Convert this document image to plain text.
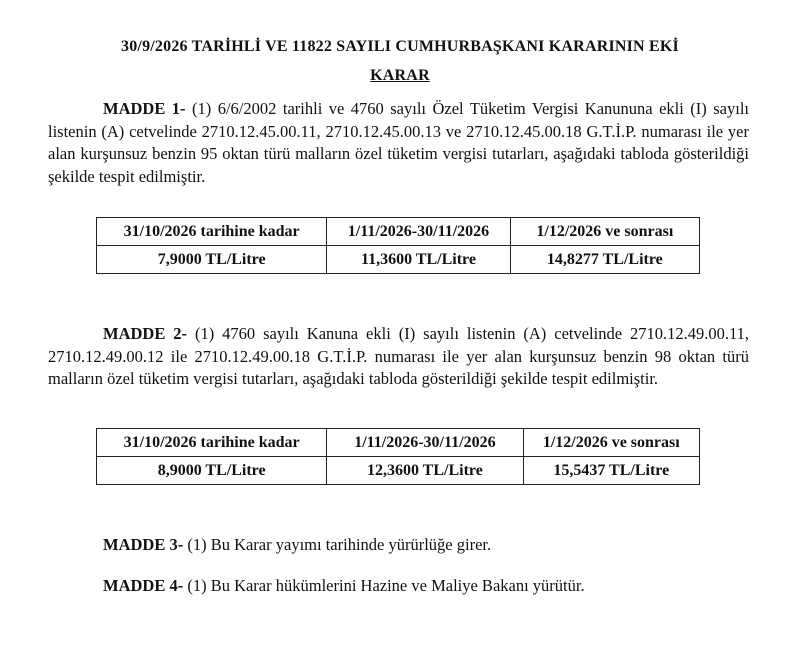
30/9/2026 TARİHLİ VE 11822 SAYILI CUMHURBAŞKANI KARARININ EKİ
KARAR

MADDE 1- (1) 6/6/2002 tarihli ve 4760 sayılı Özel Tüketim Vergisi Kanununa ekli (I) sayılı listenin (A) cetvelinde 2710.12.45.00.11, 2710.12.45.00.13 ve 2710.12.45.00.18 G.T.İ.P. numarası ile yer alan kurşunsuz benzin 95 oktan türü malların özel tüketim vergisi tutarları, aşağıdaki tabloda gösterildiği şekilde tespit edilmiştir.

31/10/2026 tarihine kadar	1/11/2026-30/11/2026	1/12/2026 ve sonrası
7,9000 TL/Litre	11,3600 TL/Litre	14,8277 TL/Litre

MADDE 2- (1) 4760 sayılı Kanuna ekli (I) sayılı listenin (A) cetvelinde 2710.12.49.00.11, 2710.12.49.00.12 ile 2710.12.49.00.18 G.T.İ.P. numarası ile yer alan kurşunsuz benzin 98 oktan türü malların özel tüketim vergisi tutarları, aşağıdaki tabloda gösterildiği şekilde tespit edilmiştir.

31/10/2026 tarihine kadar	1/11/2026-30/11/2026	1/12/2026 ve sonrası
8,9000 TL/Litre	12,3600 TL/Litre	15,5437 TL/Litre

MADDE 3- (1) Bu Karar yayımı tarihinde yürürlüğe girer.

MADDE 4- (1) Bu Karar hükümlerini Hazine ve Maliye Bakanı yürütür.
